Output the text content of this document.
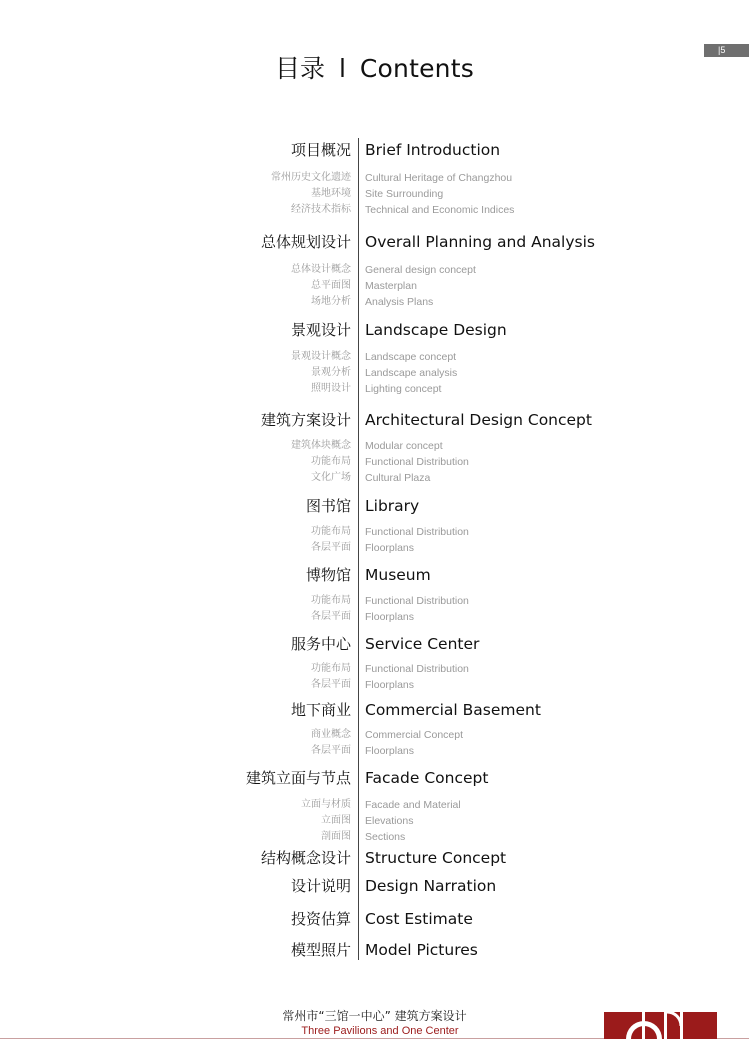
|5
目录 l Contents
项目概况 Brief Introduction
常州历史文化遗迹 Cultural Heritage of Changzhou
基地环境 Site Surrounding
经济技术指标 Technical and Economic Indices
总体规划设计 Overall Planning and Analysis
总体设计概念 General design concept
总平面图 Masterplan
场地分析 Analysis Plans
景观设计 Landscape Design
景观设计概念 Landscape concept
景观分析 Landscape analysis
照明设计 Lighting concept
建筑方案设计 Architectural Design Concept
建筑体块概念 Modular concept
功能布局 Functional Distribution
文化广场 Cultural Plaza
图书馆 Library
功能布局 Functional Distribution
各层平面 Floorplans
博物馆 Museum
功能布局 Functional Distribution
各层平面 Floorplans
服务中心 Service Center
功能布局 Functional Distribution
各层平面 Floorplans
地下商业 Commercial Basement
商业概念 Commercial Concept
各层平面 Floorplans
建筑立面与节点 Facade Concept
立面与材质 Facade and Material
立面图 Elevations
剖面图 Sections
结构概念设计 Structure Concept
设计说明 Design Narration
投资估算 Cost Estimate
模型照片 Model Pictures
常州市“三馆一中心” 建筑方案设计
Three Pavilions and One Center
